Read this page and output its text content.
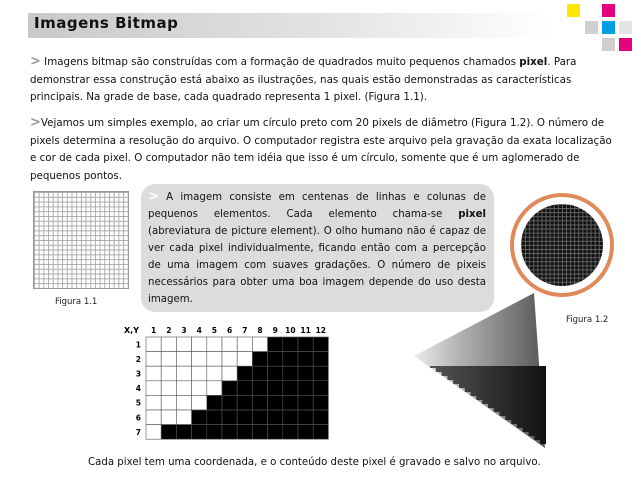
Imagens Bitmap

> Imagens bitmap são construídas com a formação de quadrados muito pequenos chamados pixel. Para demonstrar essa construção está abaixo as ilustrações, nas quais estão demonstradas as características principais. Na grade de base, cada quadrado representa 1 pixel. (Figura 1.1).

>Vejamos um simples exemplo, ao criar um círculo preto com 20 pixels de diâmetro (Figura 1.2). O número de pixels determina a resolução do arquivo. O computador registra este arquivo pela gravação da exata localização e cor de cada pixel. O computador não tem idéia que isso é um círculo, somente que é um aglomerado de pequenos pontos.

Figura 1.1

> A imagem consiste em centenas de linhas e colunas de pequenos elementos. Cada elemento chama-se pixel (abreviatura de picture element). O olho humano não é capaz de ver cada pixel individualmente, ficando então com a percepção de uma imagem com suaves gradações. O número de pixeis necessários para obter uma boa imagem depende do uso desta imagem.

Figura 1.2
X,Y 1 2 3 4 5 6 7 8 9 10 11 12
1
2
3
4
5
6
7
Cada pixel tem uma coordenada, e o conteúdo deste pixel é gravado e salvo no arquivo.
